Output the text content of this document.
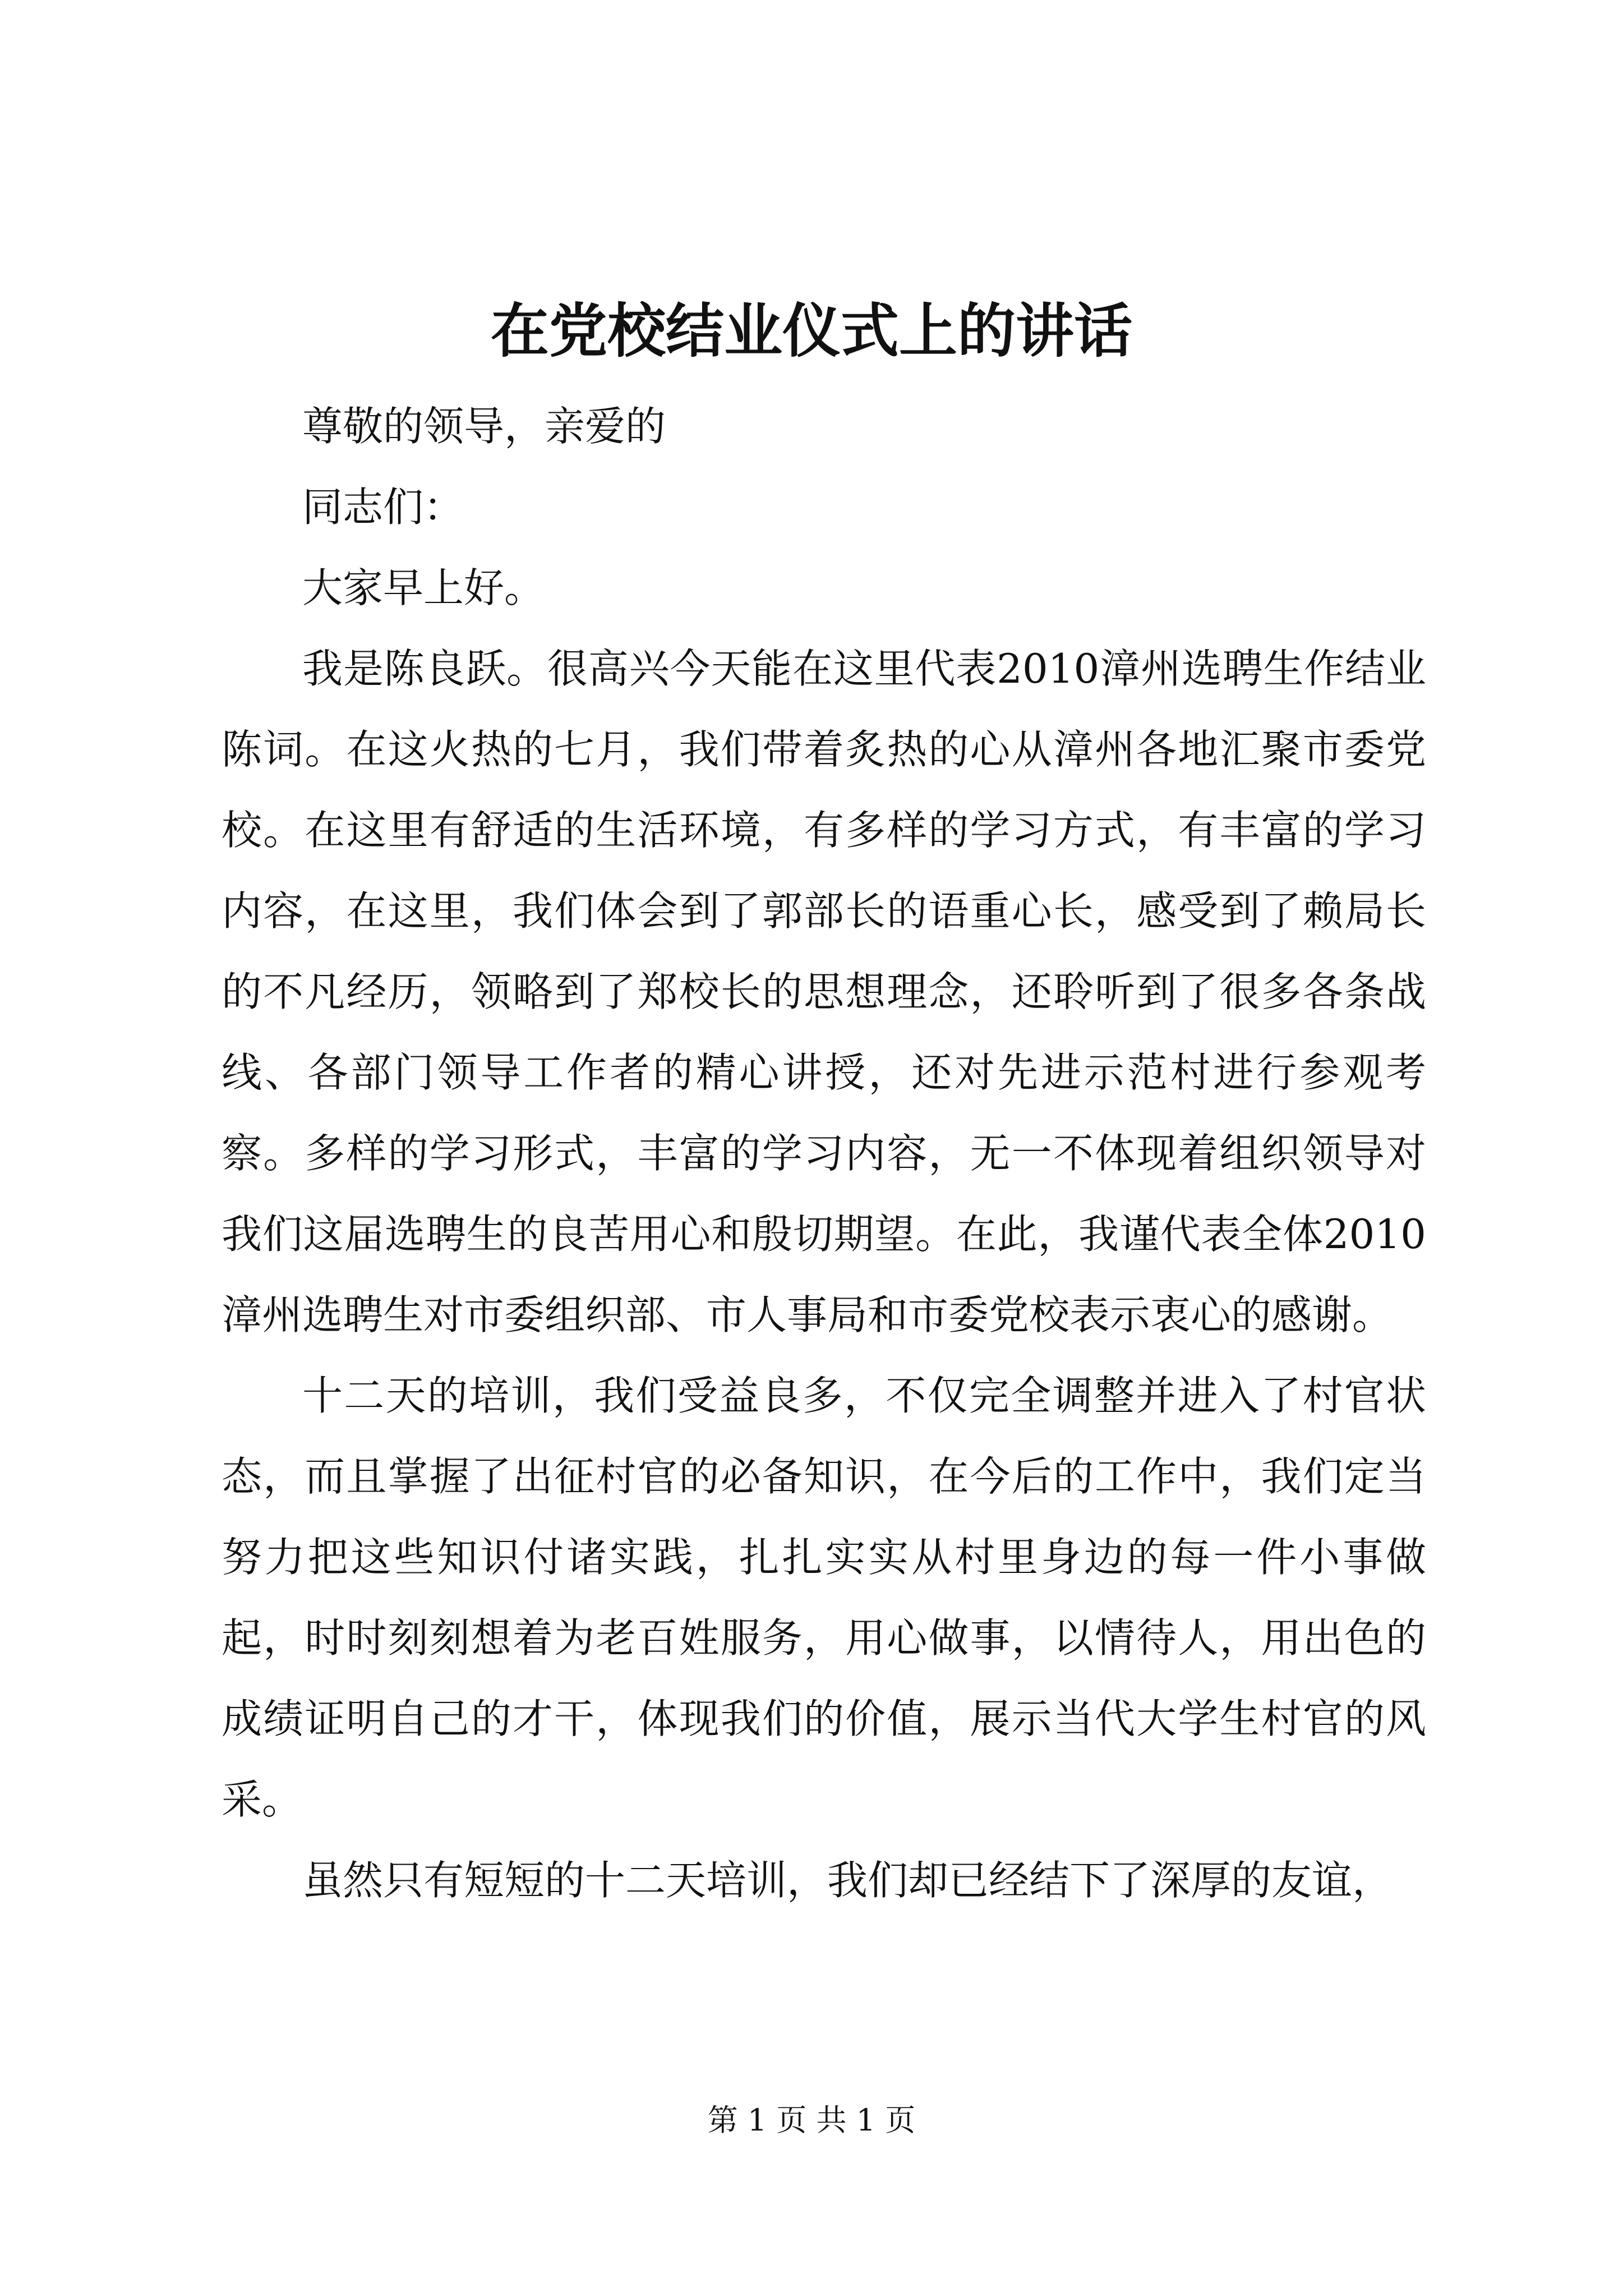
在党校结业仪式上的讲话

尊敬的领导，亲爱的

同志们：

大家早上好。

我是陈良跃。很高兴今天能在这里代表2010漳州选聘生作结业陈词。在这火热的七月，我们带着炙热的心从漳州各地汇聚市委党校。在这里有舒适的生活环境，有多样的学习方式，有丰富的学习内容，在这里，我们体会到了郭部长的语重心长，感受到了赖局长的不凡经历，领略到了郑校长的思想理念，还聆听到了很多各条战线、各部门领导工作者的精心讲授，还对先进示范村进行参观考察。多样的学习形式，丰富的学习内容，无一不体现着组织领导对我们这届选聘生的良苦用心和殷切期望。在此，我谨代表全体2010漳州选聘生对市委组织部、市人事局和市委党校表示衷心的感谢。

十二天的培训，我们受益良多，不仅完全调整并进入了村官状态，而且掌握了出征村官的必备知识，在今后的工作中，我们定当努力把这些知识付诸实践，扎扎实实从村里身边的每一件小事做起，时时刻刻想着为老百姓服务，用心做事，以情待人，用出色的成绩证明自己的才干，体现我们的价值，展示当代大学生村官的风采。

虽然只有短短的十二天培训，我们却已经结下了深厚的友谊，

第 1 页 共 1 页
